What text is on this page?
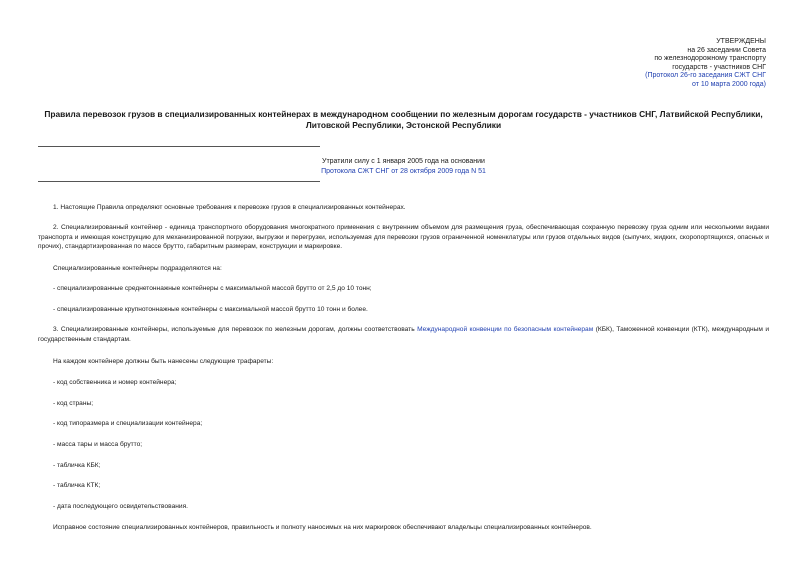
УТВЕРЖДЕНЫ
на 26 заседании Совета
по железнодорожному транспорту
государств - участников СНГ
(Протокол 26-го заседания СЖТ СНГ
от 10 марта 2000 года)
Правила перевозок грузов в специализированных контейнерах в международном сообщении по железным дорогам государств - участников СНГ, Латвийской Республики, Литовской Республики, Эстонской Республики
Утратили силу с 1 января 2005 года на основании
Протокола СЖТ СНГ от 28 октября 2009 года N 51

1. Настоящие Правила определяют основные требования к перевозке грузов в специализированных контейнерах.

2. Специализированный контейнер - единица транспортного оборудования многократного применения с внутренним объемом для размещения груза, обеспечивающая сохранную перевозку груза одним или несколькими видами транспорта и имеющая конструкцию для механизированной погрузки, выгрузки и перегрузки, используемая для перевозки грузов ограниченной номенклатуры или грузов отдельных видов (сыпучих, жидких, скоропортящихся, опасных и прочих), стандартизированная по массе брутто, габаритным размерам, конструкции и маркировке.

Специализированные контейнеры подразделяются на:

- специализированные среднетоннажные контейнеры с максимальной массой брутто от 2,5 до 10 тонн;

- специализированные крупнотоннажные контейнеры с максимальной массой брутто 10 тонн и более.

3. Специализированные контейнеры, используемые для перевозок по железным дорогам, должны соответствовать Международной конвенции по безопасным контейнерам (КБК), Таможенной конвенции (КТК), международным и государственным стандартам.

На каждом контейнере должны быть нанесены следующие трафареты:

- код собственника и номер контейнера;

- код страны;

- код типоразмера и специализации контейнера;

- масса тары и масса брутто;

- табличка КБК;

- табличка КТК;

- дата последующего освидетельствования.

Исправное состояние специализированных контейнеров, правильность и полноту наносимых на них маркировок обеспечивают владельцы специализированных контейнеров.
